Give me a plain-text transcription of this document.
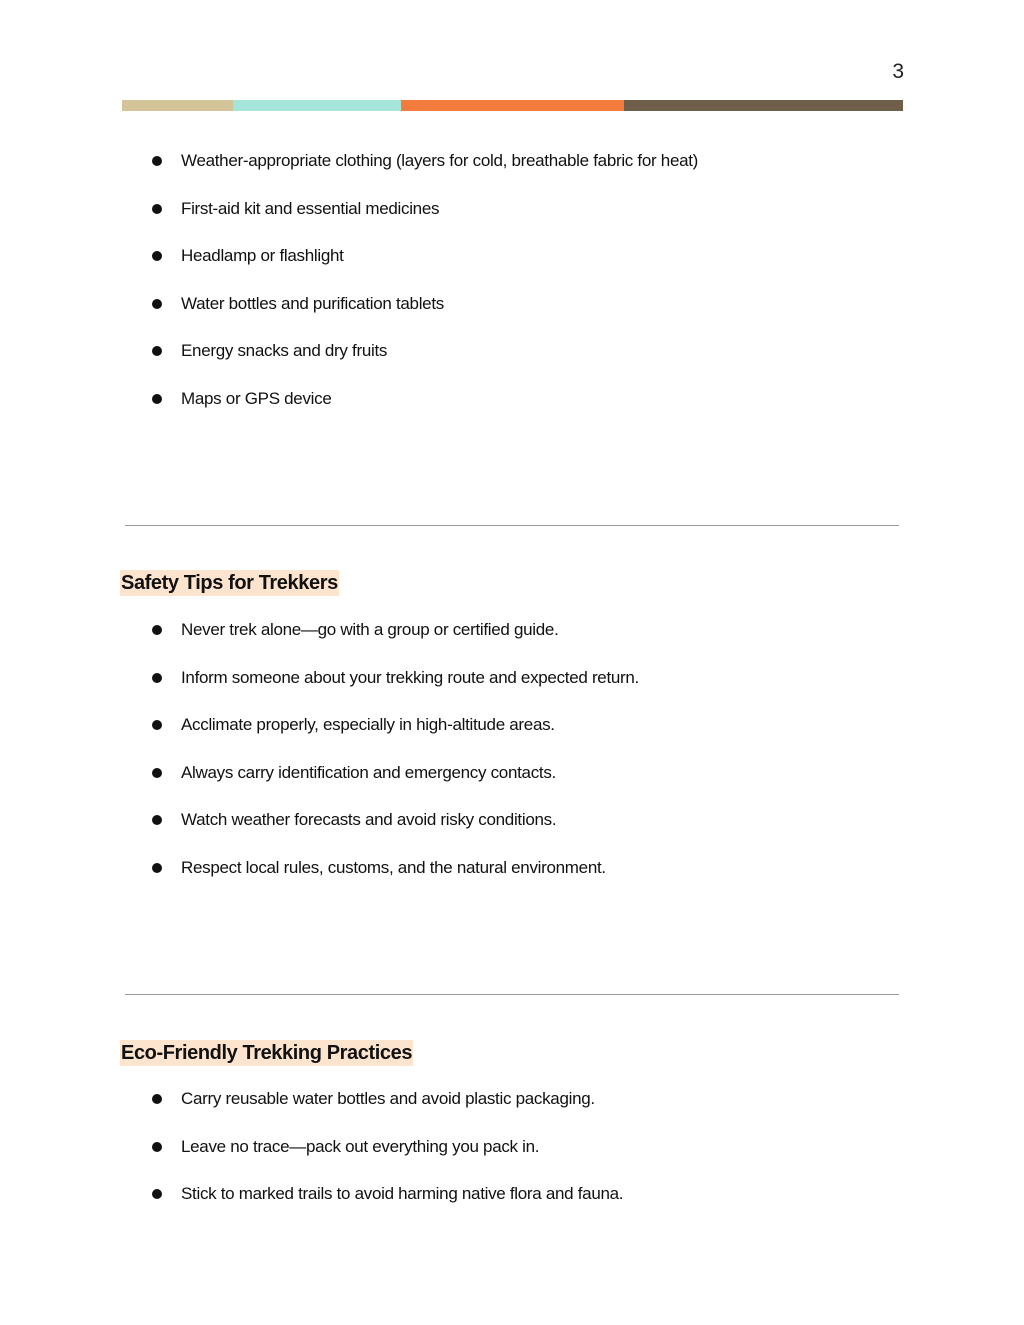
3
Weather-appropriate clothing (layers for cold, breathable fabric for heat)
First-aid kit and essential medicines
Headlamp or flashlight
Water bottles and purification tablets
Energy snacks and dry fruits
Maps or GPS device
Safety Tips for Trekkers
Never trek alone—go with a group or certified guide.
Inform someone about your trekking route and expected return.
Acclimate properly, especially in high-altitude areas.
Always carry identification and emergency contacts.
Watch weather forecasts and avoid risky conditions.
Respect local rules, customs, and the natural environment.
Eco-Friendly Trekking Practices
Carry reusable water bottles and avoid plastic packaging.
Leave no trace—pack out everything you pack in.
Stick to marked trails to avoid harming native flora and fauna.
